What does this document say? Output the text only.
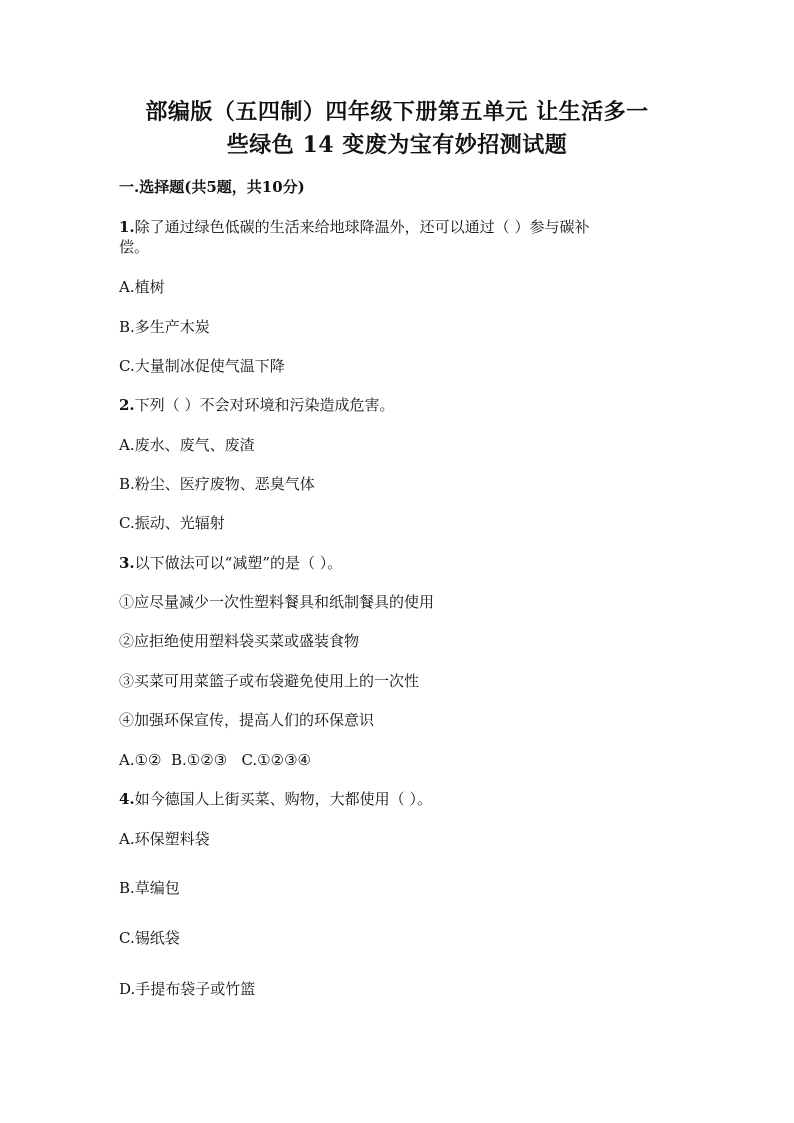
部编版（五四制）四年级下册第五单元 让生活多一
些绿色 14 变废为宝有妙招测试题
一.选择题(共5题，共10分)
1.除了通过绿色低碳的生活来给地球降温外，还可以通过（ ）参与碳补
偿。
A.植树
B.多生产木炭
C.大量制冰促使气温下降
2.下列（ ）不会对环境和污染造成危害。
A.废水、废气、废渣
B.粉尘、医疗废物、恶臭气体
C.振动、光辐射
3.以下做法可以“减塑”的是（ ）。
①应尽量减少一次性塑料餐具和纸制餐具的使用
②应拒绝使用塑料袋买菜或盛装食物
③买菜可用菜篮子或布袋避免使用上的一次性
④加强环保宣传，提高人们的环保意识
A.①②  B.①②③   C.①②③④
4.如今德国人上街买菜、购物，大都使用（ ）。
A.环保塑料袋
B.草编包
C.锡纸袋
D.手提布袋子或竹篮
